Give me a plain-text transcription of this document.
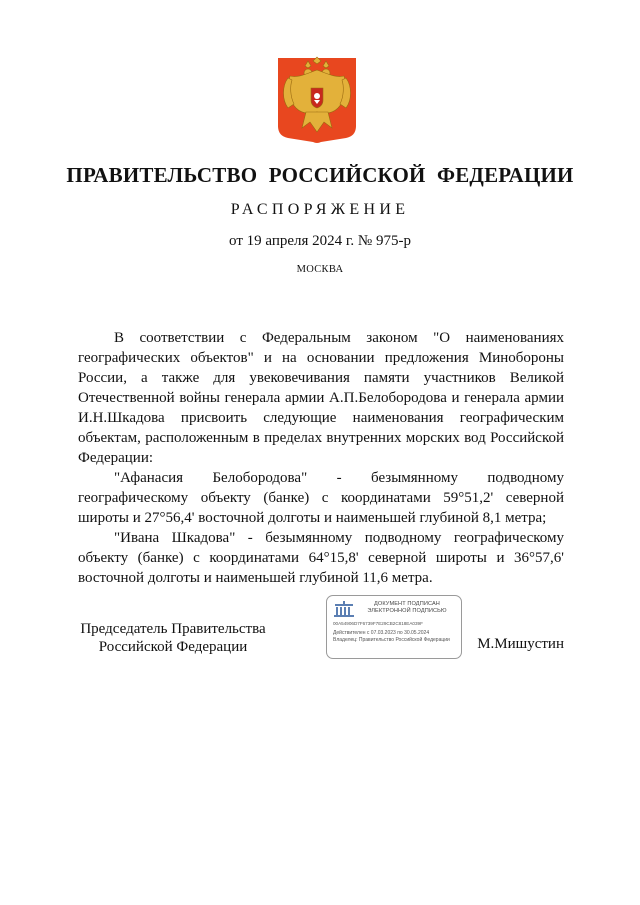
ПРАВИТЕЛЬСТВО РОССИЙСКОЙ ФЕДЕРАЦИИ
РАСПОРЯЖЕНИЕ
от 19 апреля 2024 г. № 975-р
МОСКВА

В соответствии с Федеральным законом "О наименованиях географических объектов" и на основании предложения Минобороны России, а также для увековечивания памяти участников Великой Отечественной войны генерала армии А.П.Белобородова и генерала армии И.Н.Шкадова присвоить следующие наименования географическим объектам, расположенным в пределах внутренних морских вод Российской Федерации:

"Афанасия Белобородова" - безымянному подводному географическому объекту (банке) с координатами 59°51,2' северной широты и 27°56,4' восточной долготы и наименьшей глубиной 8,1 метра;

"Ивана Шкадова" - безымянному подводному географическому объекту (банке) с координатами 64°15,8' северной широты и 36°57,6' восточной долготы и наименьшей глубиной 11,6 метра.

Председатель Правительства
Российской Федерации
ДОКУМЕНТ ПОДПИСАН
ЭЛЕКТРОННОЙ ПОДПИСЬЮ
00A54906D7F6739F7E29CB2C818EA039F
Действителен с 07.03.2023 по 30.05.2024
Владелец: Правительство Российской Федерации	М.Мишустин
